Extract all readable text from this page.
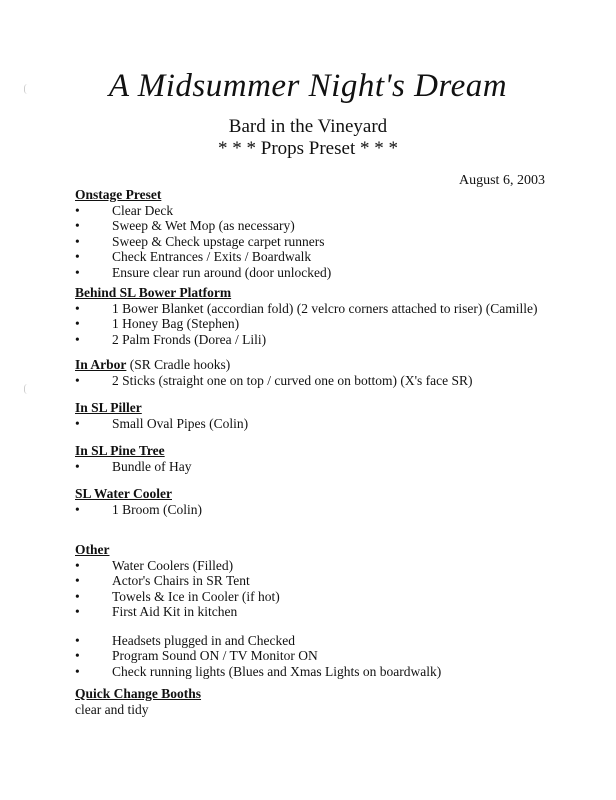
A Midsummer Night's Dream
Bard in the Vineyard
* * * Props Preset * * *
August 6, 2003
Onstage Preset
• Clear Deck
• Sweep & Wet Mop (as necessary)
• Sweep & Check upstage carpet runners
• Check Entrances / Exits / Boardwalk
• Ensure clear run around (door unlocked)
Behind SL Bower Platform
• 1 Bower Blanket (accordian fold) (2 velcro corners attached to riser) (Camille)
• 1 Honey Bag (Stephen)
• 2 Palm Fronds (Dorea / Lili)
In Arbor (SR Cradle hooks)
• 2 Sticks (straight one on top / curved one on bottom) (X's face SR)
In SL Piller
• Small Oval Pipes (Colin)
In SL Pine Tree
• Bundle of Hay
SL Water Cooler
• 1 Broom (Colin)
Other
• Water Coolers (Filled)
• Actor's Chairs in SR Tent
• Towels & Ice in Cooler (if hot)
• First Aid Kit in kitchen
• Headsets plugged in and Checked
• Program Sound ON / TV Monitor ON
• Check running lights (Blues and Xmas Lights on boardwalk)
Quick Change Booths
clear and tidy
